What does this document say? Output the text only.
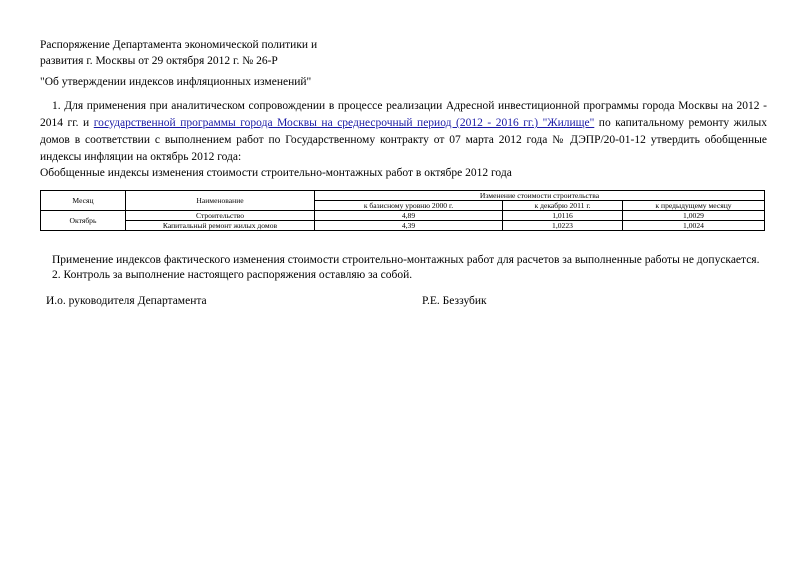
Распоряжение Департамента экономической политики и
развития г. Москвы от 29 октября 2012 г. № 26-Р
"Об утверждении индексов инфляционных изменений"
1. Для применения при аналитическом сопровождении в процессе реализации Адресной инвестиционной программы города Москвы на 2012 - 2014 гг. и государственной программы города Москвы на среднесрочный период (2012 - 2016 гг.) "Жилище" по капитальному ремонту жилых домов в соответствии с выполнением работ по Государственному контракту от 07 марта 2012 года № ДЭПР/20-01-12 утвердить обобщенные индексы инфляции на октябрь 2012 года:
Обобщенные индексы изменения стоимости строительно-монтажных работ в октябре 2012 года
Месяц	Наименование	Изменение стоимости строительства		
		к базисному уровню 2000 г.	к декабрю 2011 г.	к предыдущему месяцу
Октябрь	Строительство	4,89	1,0116	1,0029
	Капитальный ремонт жилых домов	4,39	1,0223	1,0024
Применение индексов фактического изменения стоимости строительно-монтажных работ для расчетов за выполненные работы не допускается.
2. Контроль за выполнение настоящего распоряжения оставляю за собой.
И.о. руководителя Департамента	Р.Е. Беззубик
